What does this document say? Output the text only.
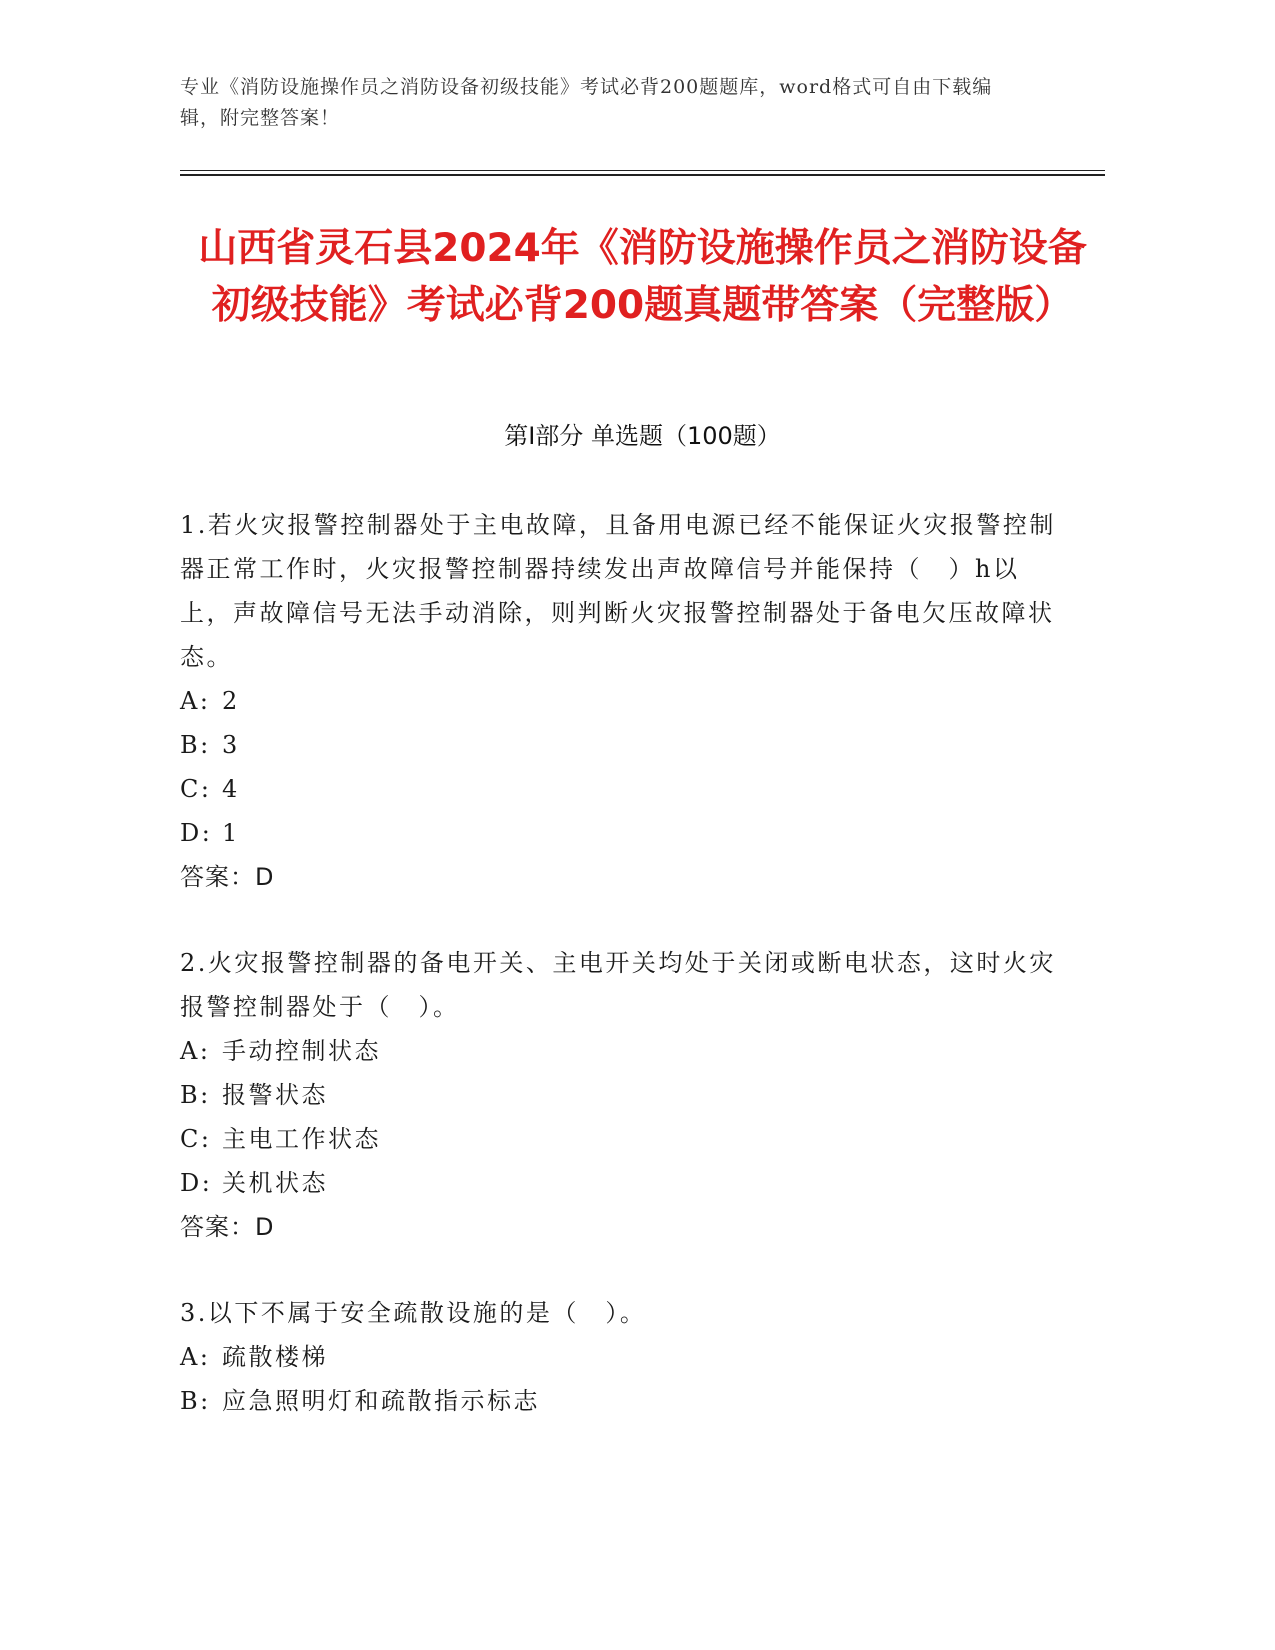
专业《消防设施操作员之消防设备初级技能》考试必背200题题库，word格式可自由下载编辑，附完整答案！
山西省灵石县2024年《消防设施操作员之消防设备初级技能》考试必背200题真题带答案（完整版）
第Ⅰ部分 单选题（100题）
1.若火灾报警控制器处于主电故障，且备用电源已经不能保证火灾报警控制器正常工作时，火灾报警控制器持续发出声故障信号并能保持（　）h以上，声故障信号无法手动消除，则判断火灾报警控制器处于备电欠压故障状态。
A: 2
B: 3
C: 4
D: 1
答案：D
2.火灾报警控制器的备电开关、主电开关均处于关闭或断电状态，这时火灾报警控制器处于（　）。
A: 手动控制状态
B: 报警状态
C: 主电工作状态
D: 关机状态
答案：D
3.以下不属于安全疏散设施的是（　）。
A: 疏散楼梯
B: 应急照明灯和疏散指示标志
